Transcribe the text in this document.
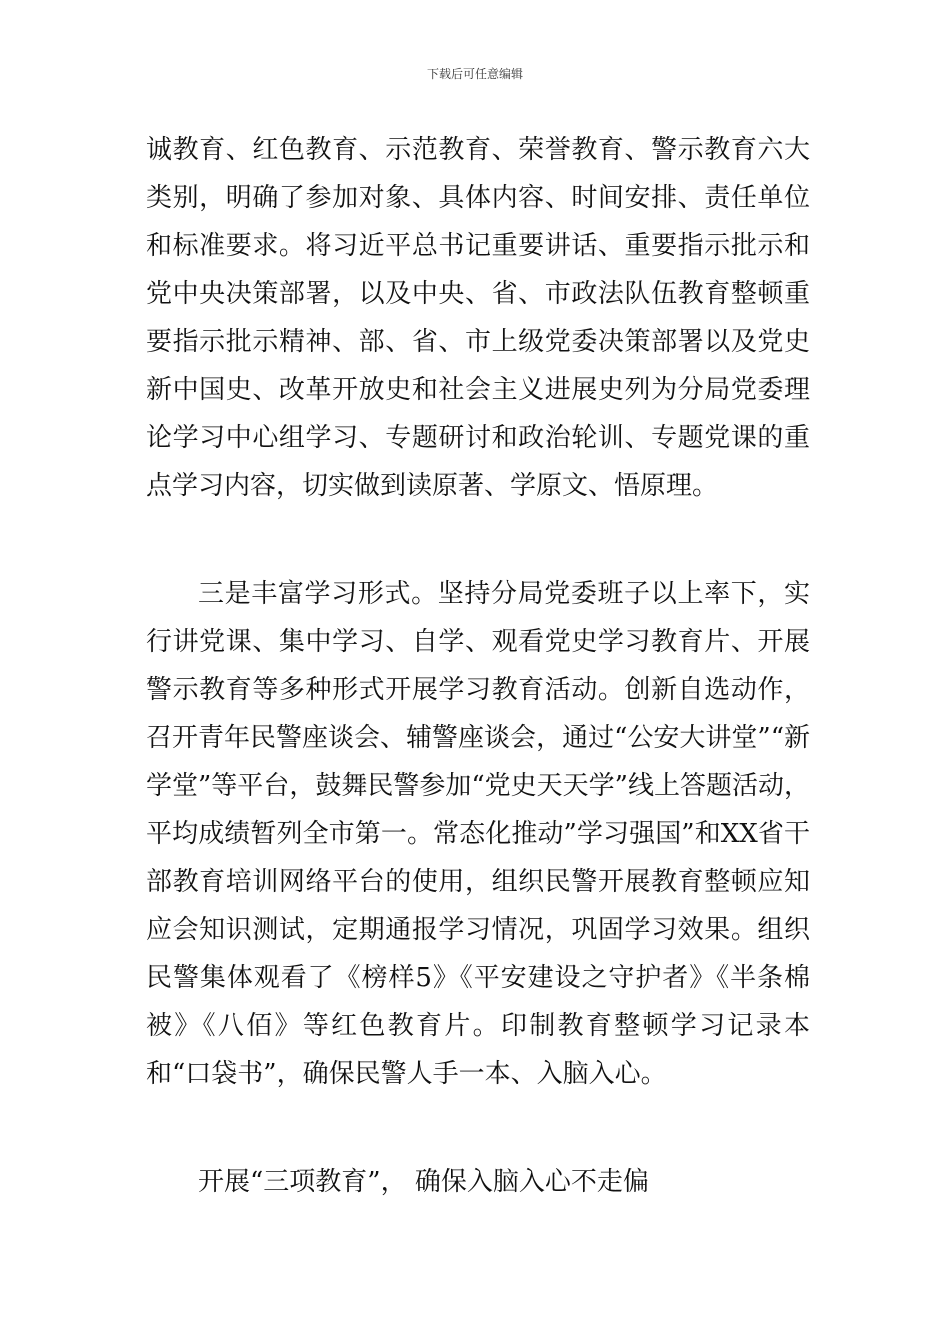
下载后可任意编辑

诚教育、红色教育、示范教育、荣誉教育、警示教育六大类别，明确了参加对象、具体内容、时间安排、责任单位和标准要求。将习近平总书记重要讲话、重要指示批示和党中央决策部署，以及中央、省、市政法队伍教育整顿重要指示批示精神、部、省、市上级党委决策部署以及党史新中国史、改革开放史和社会主义进展史列为分局党委理论学习中心组学习、专题研讨和政治轮训、专题党课的重点学习内容，切实做到读原著、学原文、悟原理。

三是丰富学习形式。坚持分局党委班子以上率下，实行讲党课、集中学习、自学、观看党史学习教育片、开展警示教育等多种形式开展学习教育活动。创新自选动作，召开青年民警座谈会、辅警座谈会，通过“公安大讲堂”“新学堂”等平台，鼓舞民警参加“党史天天学”线上答题活动，平均成绩暂列全市第一。常态化推动”学习强国”和XX省干部教育培训网络平台的使用，组织民警开展教育整顿应知应会知识测试，定期通报学习情况，巩固学习效果。组织民警集体观看了《榜样5》《平安建设之守护者》《半条棉被》《八佰》等红色教育片。印制教育整顿学习记录本和“口袋书”，确保民警人手一本、入脑入心。

开展“三项教育”， 确保入脑入心不走偏
